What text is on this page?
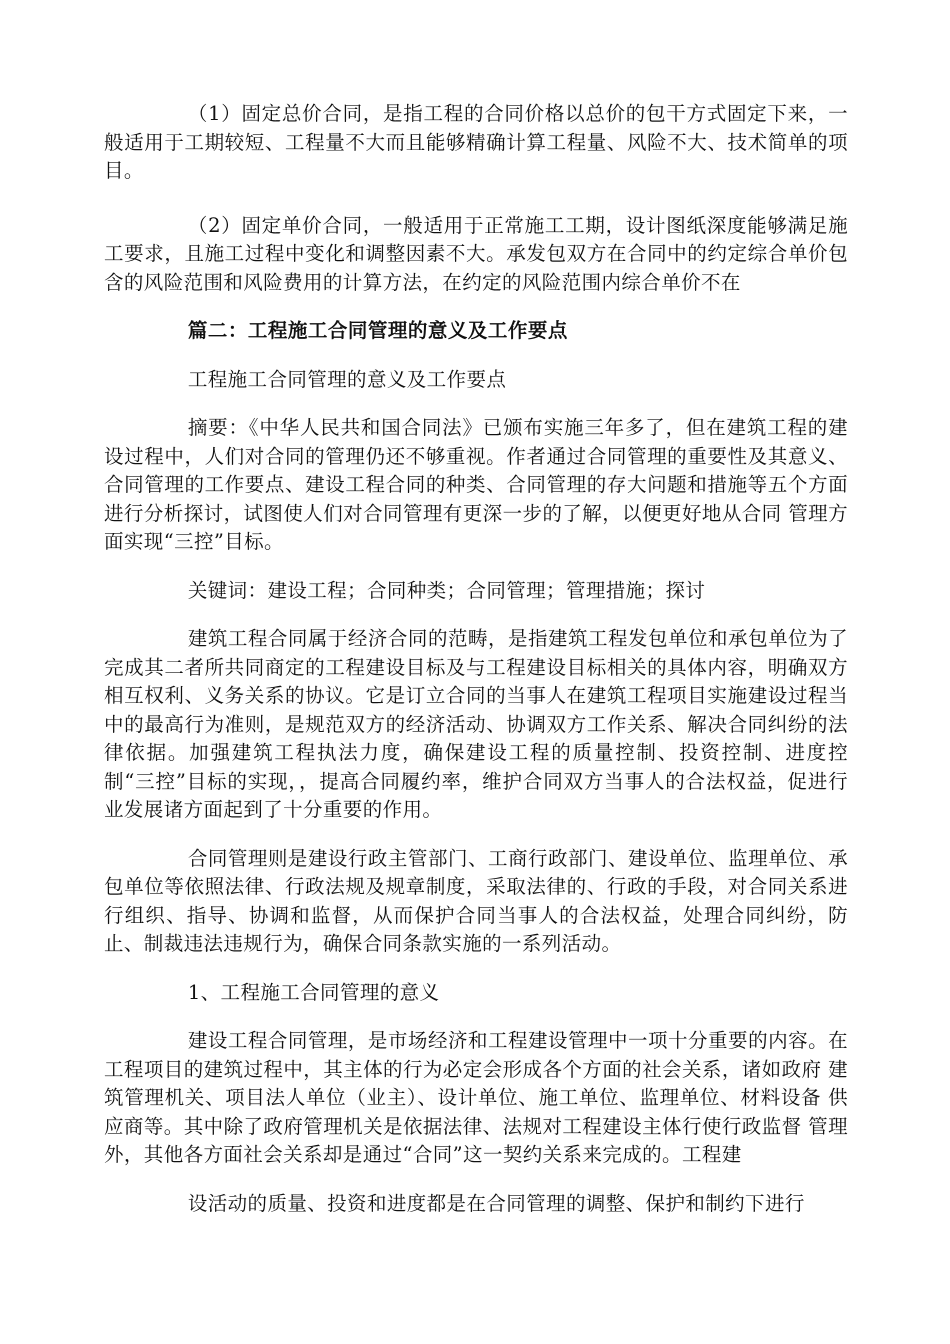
（1）固定总价合同，是指工程的合同价格以总价的包干方式固定下来，一般适用于工期较短、工程量不大而且能够精确计算工程量、风险不大、技术简单的项目。

（2）固定单价合同，一般适用于正常施工工期，设计图纸深度能够满足施工要求，且施工过程中变化和调整因素不大。承发包双方在合同中的约定综合单价包含的风险范围和风险费用的计算方法，在约定的风险范围内综合单价不在

篇二：工程施工合同管理的意义及工作要点

工程施工合同管理的意义及工作要点

摘要：《中华人民共和国合同法》已颁布实施三年多了，但在建筑工程的建 设过程中，人们对合同的管理仍还不够重视。作者通过合同管理的重要性及其意义、合同管理的工作要点、建设工程合同的种类、合同管理的存大问题和措施等五个方面进行分析探讨，试图使人们对合同管理有更深一步的了解，以便更好地从合同 管理方面实现“三控”目标。

关键词：建设工程；合同种类；合同管理；管理措施；探讨

建筑工程合同属于经济合同的范畴，是指建筑工程发包单位和承包单位为了完成其二者所共同商定的工程建设目标及与工程建设目标相关的具体内容，明确双方相互权利、义务关系的协议。它是订立合同的当事人在建筑工程项目实施建设过程当中的最高行为准则，是规范双方的经济活动、协调双方工作关系、解决合同纠纷的法律依据。加强建筑工程执法力度，确保建设工程的质量控制、投资控制、进度控制“三控”目标的实现，，提高合同履约率，维护合同双方当事人的合法权益，促进行业发展诸方面起到了十分重要的作用。

合同管理则是建设行政主管部门、工商行政部门、建设单位、监理单位、承包单位等依照法律、行政法规及规章制度，采取法律的、行政的手段，对合同关系进行组织、指导、协调和监督，从而保护合同当事人的合法权益，处理合同纠纷，防止、制裁违法违规行为，确保合同条款实施的一系列活动。

1、工程施工合同管理的意义

建设工程合同管理，是市场经济和工程建设管理中一项十分重要的内容。在工程项目的建筑过程中，其主体的行为必定会形成各个方面的社会关系，诸如政府 建筑管理机关、项目法人单位（业主）、设计单位、施工单位、监理单位、材料设备 供应商等。其中除了政府管理机关是依据法律、法规对工程建设主体行使行政监督 管理外，其他各方面社会关系却是通过“合同”这一契约关系来完成的。工程建

设活动的质量、投资和进度都是在合同管理的调整、保护和制约下进行
